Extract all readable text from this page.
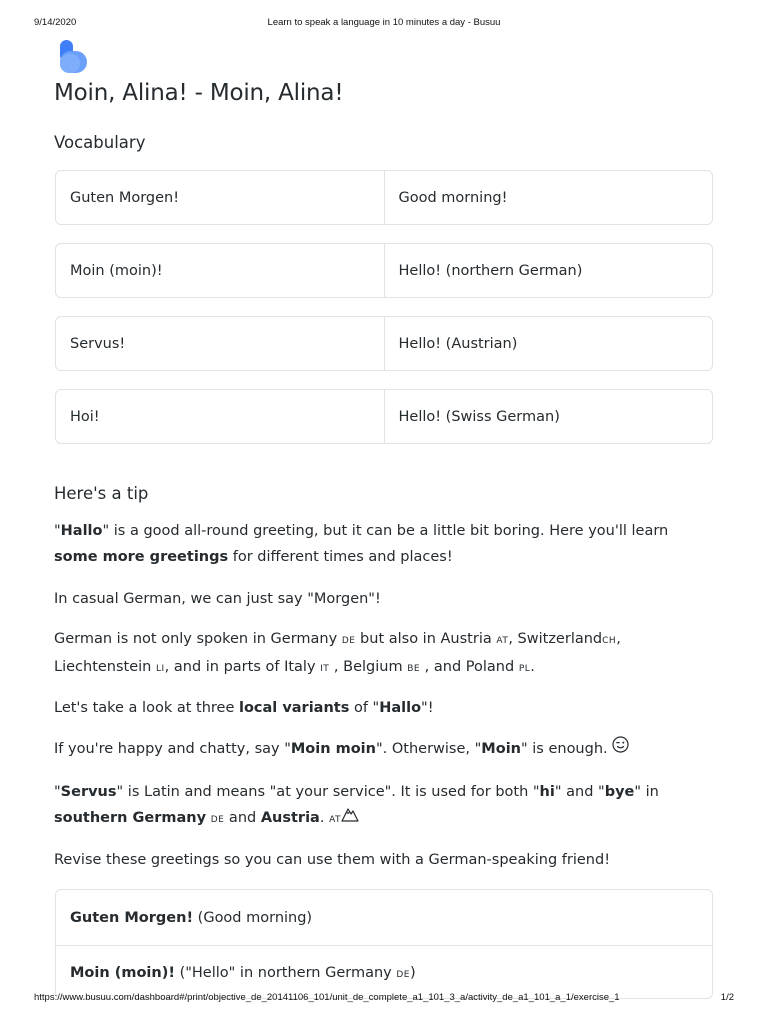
9/14/2020	Learn to speak a language in 10 minutes a day - Busuu
Moin, Alina! - Moin, Alina!
Vocabulary
Guten Morgen!	Good morning!
Moin (moin)!	Hello! (northern German)
Servus!	Hello! (Austrian)
Hoi!	Hello! (Swiss German)
Here's a tip

"Hallo" is a good all-round greeting, but it can be a little bit boring. Here you'll learn some more greetings for different times and places!

In casual German, we can just say "Morgen"!

German is not only spoken in Germany DE but also in Austria AT, SwitzerlandCH, Liechtenstein LI, and in parts of Italy IT , Belgium BE , and Poland PL.

Let's take a look at three local variants of "Hallo"!

If you're happy and chatty, say "Moin moin". Otherwise, "Moin" is enough.

"Servus" is Latin and means "at your service". It is used for both "hi" and "bye" in southern Germany DE and Austria. AT

Revise these greetings so you can use them with a German-speaking friend!

Guten Morgen! (Good morning)
Moin (moin)! ("Hello" in northern Germany DE)
https://www.busuu.com/dashboard#/print/objective_de_20141106_101/unit_de_complete_a1_101_3_a/activity_de_a1_101_a_1/exercise_1	1/2
